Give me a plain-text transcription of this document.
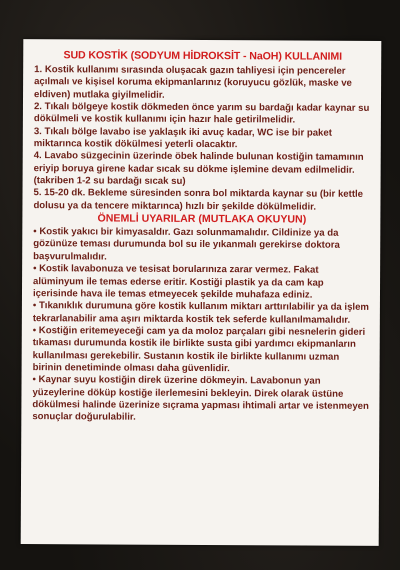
SUD KOSTİK (SODYUM HİDROKSİT - NaOH) KULLANIMI

1. Kostik kullanımı sırasında oluşacak gazın tahliyesi için pencereler açılmalı ve kişisel koruma ekipmanlarınız (koruyucu gözlük, maske ve eldiven) mutlaka giyilmelidir.

2. Tıkalı bölgeye kostik dökmeden önce yarım su bardağı kadar kaynar su dökülmeli ve kostik kullanımı için hazır hale getirilmelidir.

3. Tıkalı bölge lavabo ise yaklaşık iki avuç kadar, WC ise bir paket miktarınca kostik dökülmesi yeterli olacaktır.

4. Lavabo süzgecinin üzerinde öbek halinde bulunan kostiğin tamamının eriyip boruya girene kadar sıcak su dökme işlemine devam edilmelidir. (takriben 1-2 su bardağı sıcak su)

5. 15-20 dk. Bekleme süresinden sonra bol miktarda kaynar su (bir kettle dolusu ya da tencere miktarınca) hızlı bir şekilde dökülmelidir.

ÖNEMLİ UYARILAR (MUTLAKA OKUYUN)

• Kostik yakıcı bir kimyasaldır. Gazı solunmamalıdır. Cildinize ya da gözünüze teması durumunda bol su ile yıkanmalı gerekirse doktora başvurulmalıdır.

• Kostik lavabonuza ve tesisat borularınıza zarar vermez. Fakat alüminyum ile temas ederse eritir. Kostiği plastik ya da cam kap içerisinde hava ile temas etmeyecek şekilde muhafaza ediniz.

• Tıkanıklık durumuna göre kostik kullanım miktarı arttırılabilir ya da işlem tekrarlanabilir ama aşırı miktarda kostik tek seferde kullanılmamalıdır.

• Kostiğin eritemeyeceği cam ya da moloz parçaları gibi nesnelerin gideri tıkaması durumunda kostik ile birlikte susta gibi yardımcı ekipmanların kullanılması gerekebilir. Sustanın kostik ile birlikte kullanımı uzman birinin denetiminde olması daha güvenlidir.

• Kaynar suyu kostiğin direk üzerine dökmeyin. Lavabonun yan yüzeylerine döküp kostiğe ilerlemesini bekleyin. Direk olarak üstüne dökülmesi halinde üzerinize sıçrama yapması ihtimali artar ve istenmeyen sonuçlar doğurulabilir.
